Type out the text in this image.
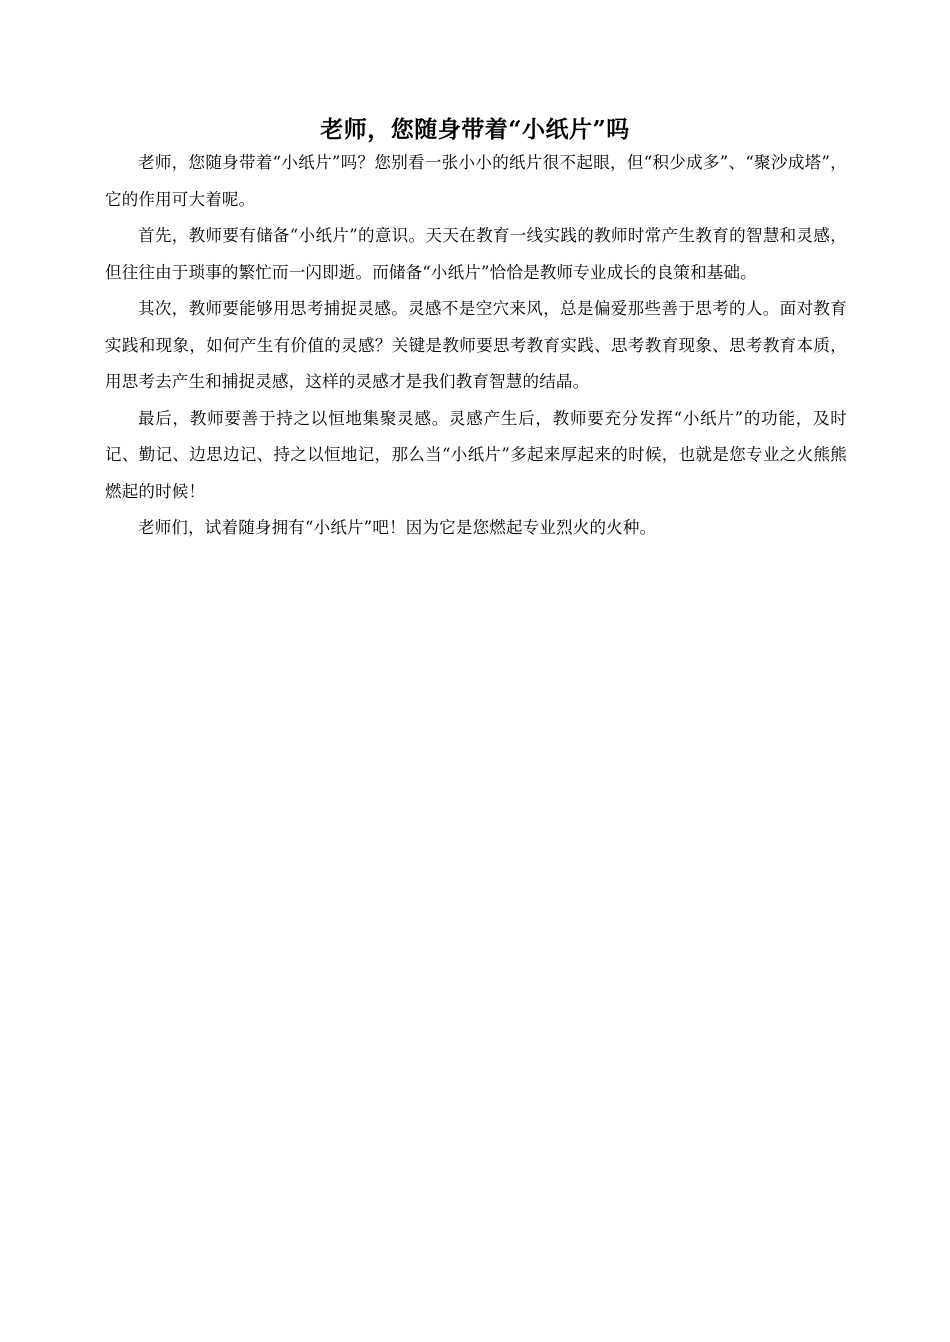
老师，您随身带着“小纸片”吗

老师，您随身带着“小纸片”吗？您别看一张小小的纸片很不起眼，但“积少成多”、“聚沙成塔”，它的作用可大着呢。

首先，教师要有储备“小纸片”的意识。天天在教育一线实践的教师时常产生教育的智慧和灵感，但往往由于琐事的繁忙而一闪即逝。而储备“小纸片”恰恰是教师专业成长的良策和基础。

其次，教师要能够用思考捕捉灵感。灵感不是空穴来风，总是偏爱那些善于思考的人。面对教育实践和现象，如何产生有价值的灵感？关键是教师要思考教育实践、思考教育现象、思考教育本质，用思考去产生和捕捉灵感，这样的灵感才是我们教育智慧的结晶。

最后，教师要善于持之以恒地集聚灵感。灵感产生后，教师要充分发挥“小纸片”的功能，及时记、勤记、边思边记、持之以恒地记，那么当“小纸片”多起来厚起来的时候，也就是您专业之火熊熊燃起的时候！

老师们，试着随身拥有“小纸片”吧！因为它是您燃起专业烈火的火种。
